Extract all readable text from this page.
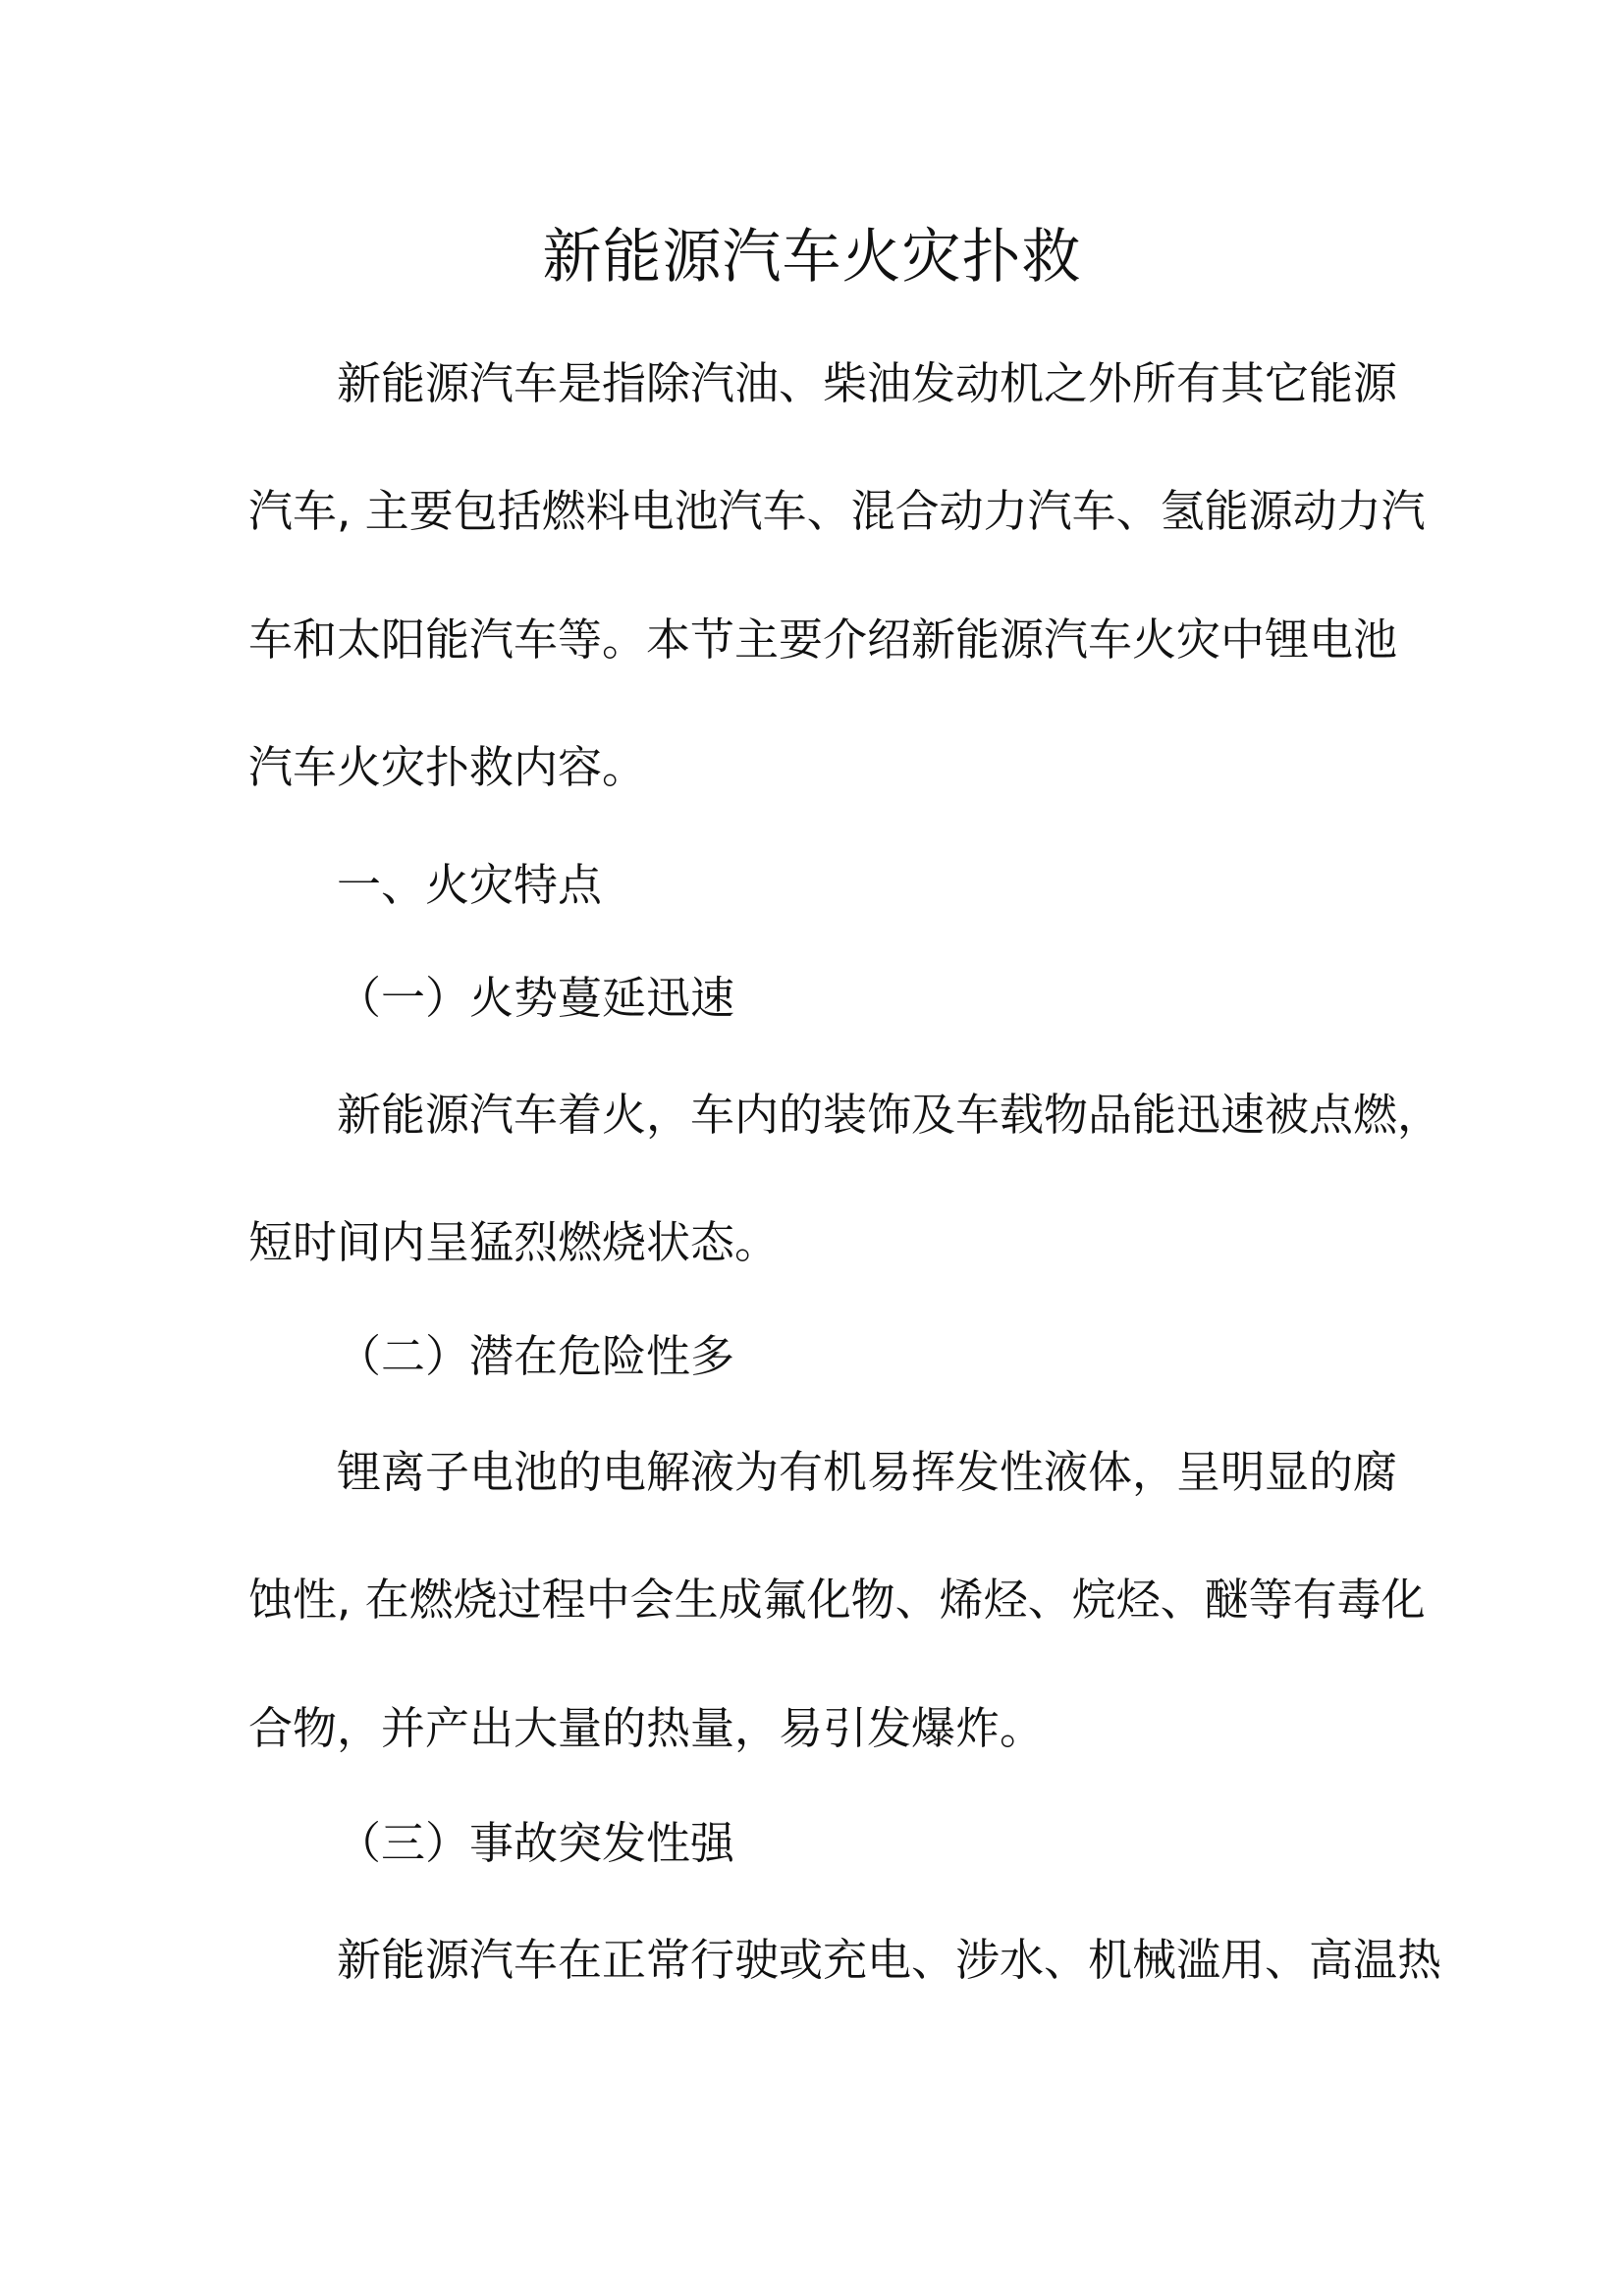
新能源汽车火灾扑救
新能源汽车是指除汽油、柴油发动机之外所有其它能源
汽车, 主要包括燃料电池汽车、混合动力汽车、氢能源动力汽
车和太阳能汽车等。本节主要介绍新能源汽车火灾中锂电池
汽车火灾扑救内容。
一、火灾特点
（一）火势蔓延迅速
新能源汽车着火，车内的装饰及车载物品能迅速被点燃，
短时间内呈猛烈燃烧状态。
（二）潜在危险性多
锂离子电池的电解液为有机易挥发性液体，呈明显的腐
蚀性, 在燃烧过程中会生成氟化物、烯烃、烷烃、醚等有毒化
合物，并产出大量的热量，易引发爆炸。
（三）事故突发性强
新能源汽车在正常行驶或充电、涉水、机械滥用、高温热
